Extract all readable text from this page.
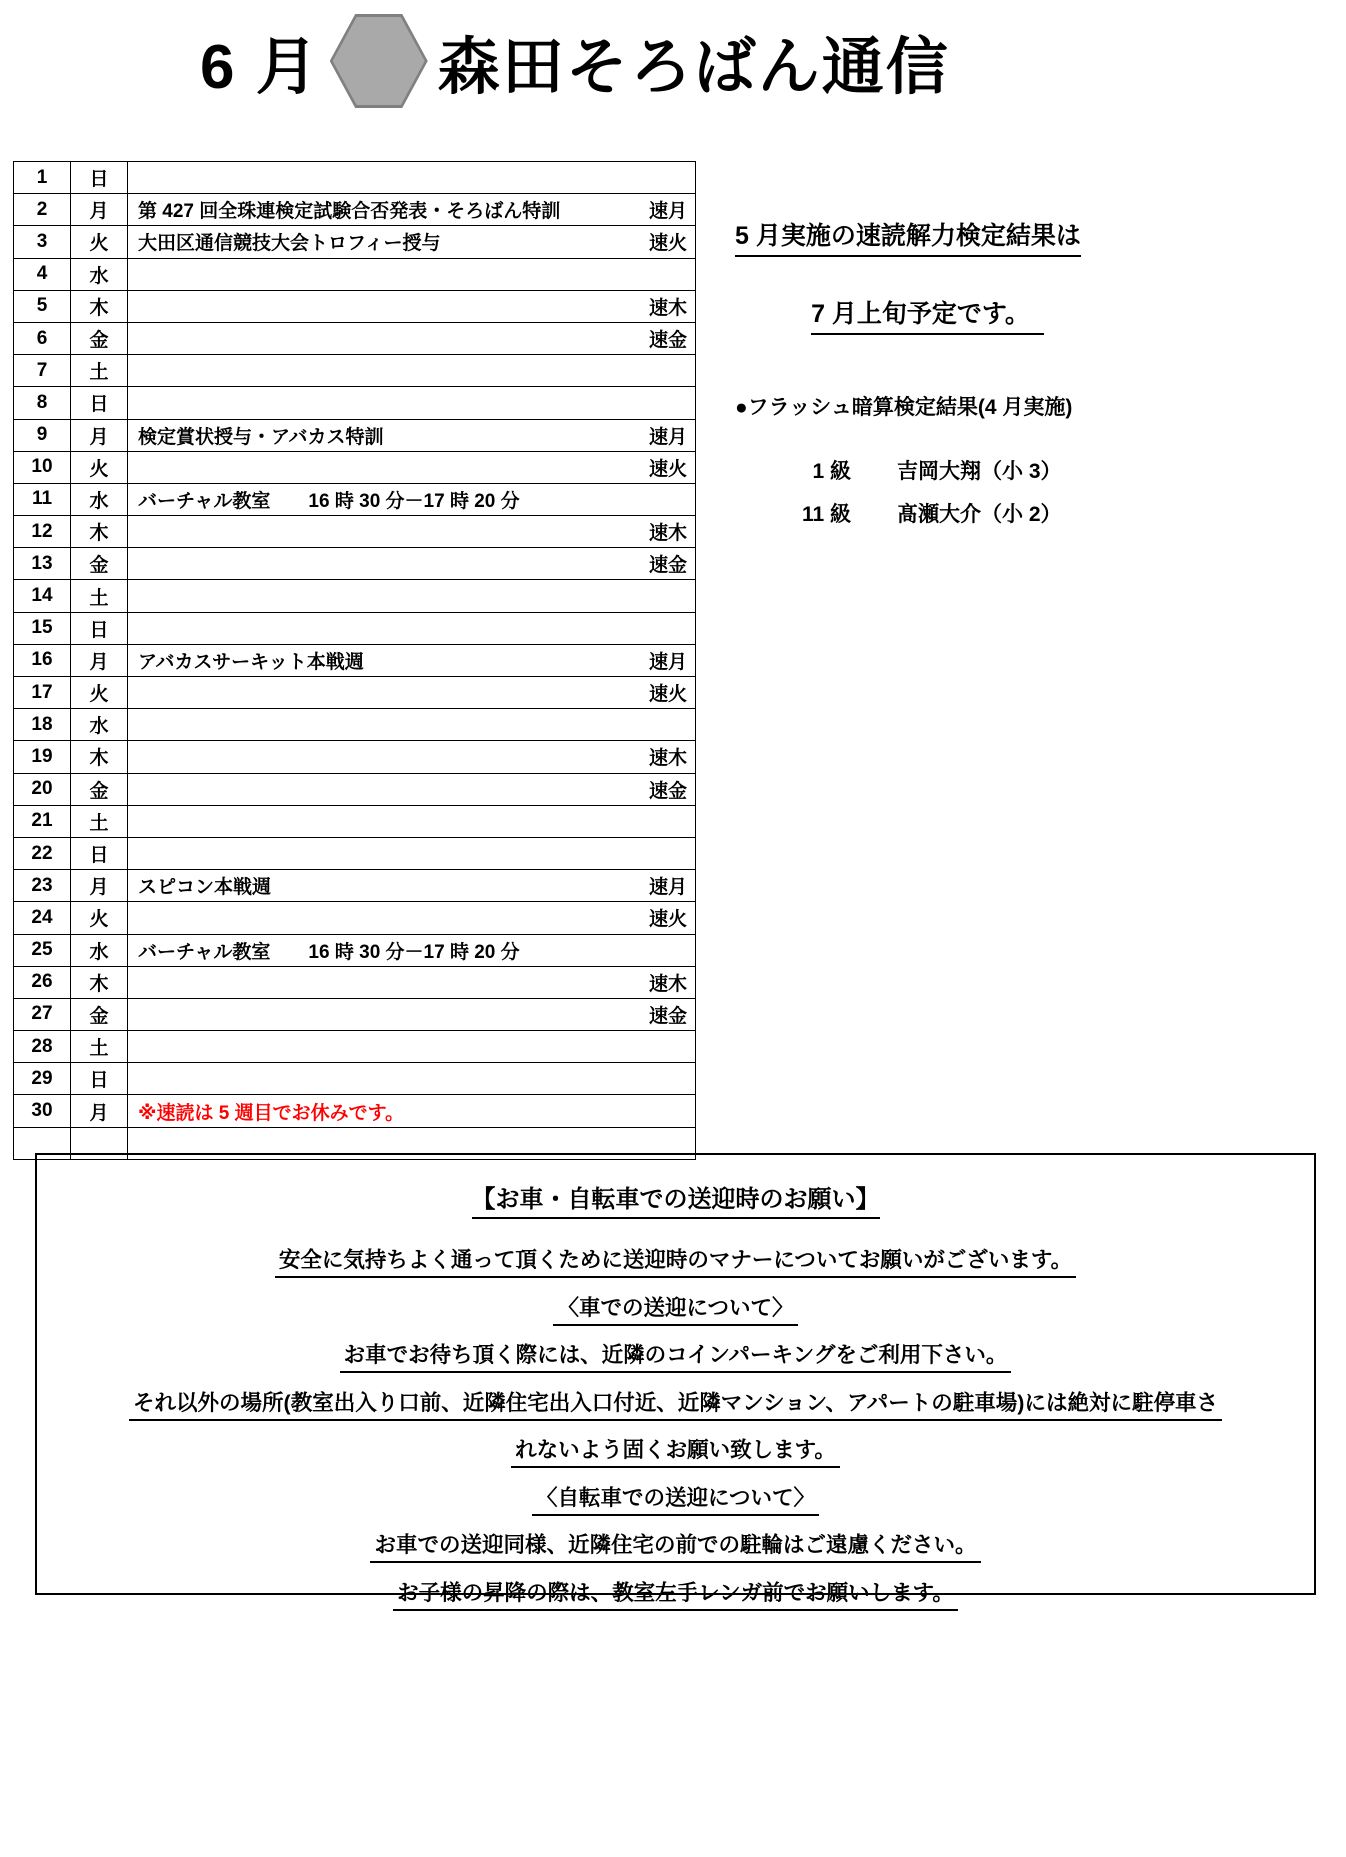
6 月 森田そろばん通信
1	日	

2	月	第 427 回全珠連検定試験合否発表・そろばん特訓 速月

3	火	大田区通信競技大会トロフィー授与 速火

4	水	

5	木	速木

6	金	速金

7	土	

8	日	

9	月	検定賞状授与・アバカス特訓 速月

10	火	速火

11	水	バーチャル教室　　16 時 30 分－17 時 20 分

12	木	速木

13	金	速金

14	土	

15	日	

16	月	アバカスサーキット本戦週 速月

17	火	速火

18	水	

19	木	速木

20	金	速金

21	土	

22	日	

23	月	スピコン本戦週 速月

24	火	速火

25	水	バーチャル教室　　16 時 30 分－17 時 20 分

26	木	速木

27	金	速金

28	土	

29	日	

30	月	※速読は 5 週目でお休みです。

5 月実施の速読解力検定結果は
7 月上旬予定です。
●フラッシュ暗算検定結果(4 月実施)
1 級 吉岡大翔（小 3）
11 級 髙瀬大介（小 2）
【お車・自転車での送迎時のお願い】
安全に気持ちよく通って頂くために送迎時のマナーについてお願いがございます。
〈車での送迎について〉
お車でお待ち頂く際には、近隣のコインパーキングをご利用下さい。
それ以外の場所(教室出入り口前、近隣住宅出入口付近、近隣マンション、アパートの駐車場)には絶対に駐停車さ
れないよう固くお願い致します。
〈自転車での送迎について〉
お車での送迎同様、近隣住宅の前での駐輪はご遠慮ください。
お子様の昇降の際は、教室左手レンガ前でお願いします。
